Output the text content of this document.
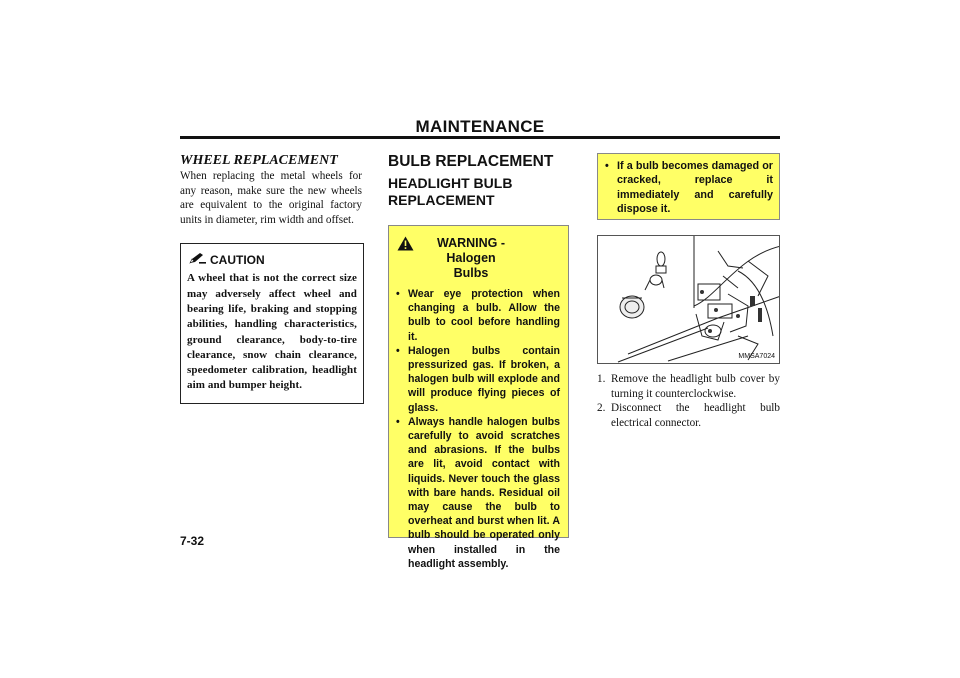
MAINTENANCE

WHEEL REPLACEMENT

When replacing the metal wheels for any reason, make sure the new wheels are equivalent to the original factory units in diameter, rim width and offset.

CAUTION
A wheel that is not the correct size may adversely affect wheel and bearing life, braking and stopping abilities, handling characteristics, ground clearance, body-to-tire clearance, snow chain clearance, speedometer calibration, headlight aim and bumper height.

BULB REPLACEMENT

HEADLIGHT BULB REPLACEMENT

WARNING - Halogen
Bulbs
• Wear eye protection when changing a bulb. Allow the bulb to cool before handling it.
• Halogen bulbs contain pressurized gas. If broken, a halogen bulb will explode and will produce flying pieces of glass.
• Always handle halogen bulbs carefully to avoid scratches and abrasions. If the bulbs are lit, avoid contact with liquids. Never touch the glass with bare hands. Residual oil may cause the bulb to overheat and burst when lit. A bulb should be operated only when installed in the headlight assembly.
• If a bulb becomes damaged or cracked, replace it immediately and carefully dispose it.
MMSA7024
1. Remove the headlight bulb cover by turning it counterclockwise.
2. Disconnect the headlight bulb electrical connector.
7-32
